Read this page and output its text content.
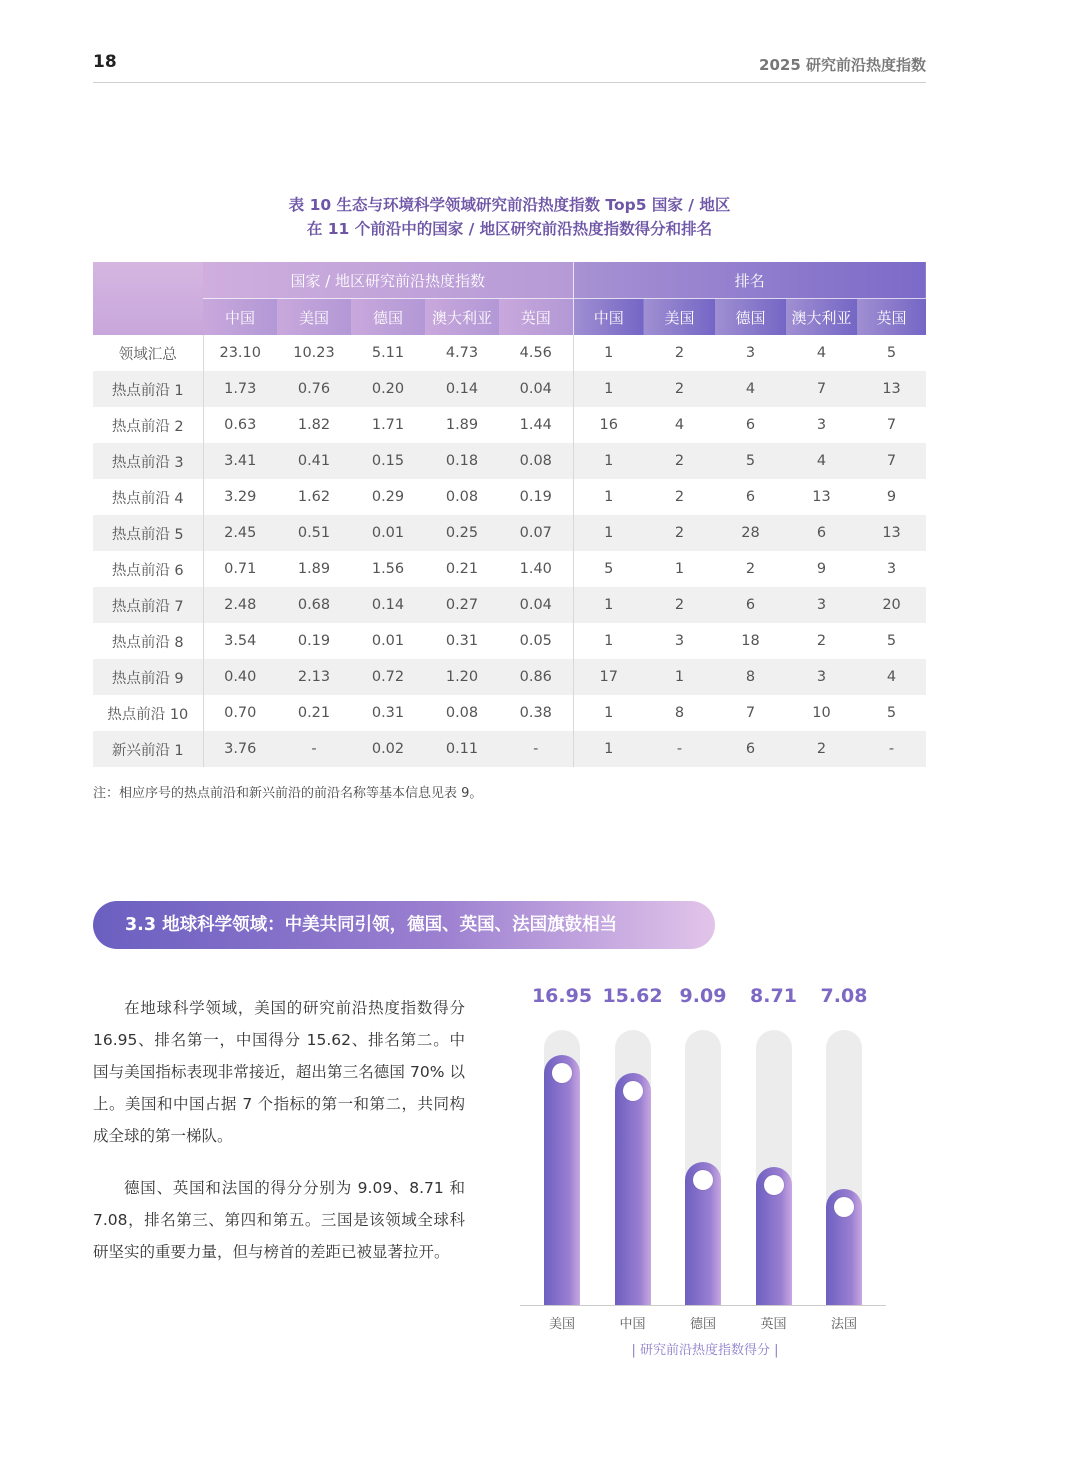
18	2025 研究前沿热度指数
表 10 生态与环境科学领域研究前沿热度指数 Top5 国家 / 地区
在 11 个前沿中的国家 / 地区研究前沿热度指数得分和排名
	国家 / 地区研究前沿热度指数					排名				
	中国	美国	德国	澳大利亚	英国	中国	美国	德国	澳大利亚	英国
领域汇总	23.10	10.23	5.11	4.73	4.56	1	2	3	4	5
热点前沿 1	1.73	0.76	0.20	0.14	0.04	1	2	4	7	13
热点前沿 2	0.63	1.82	1.71	1.89	1.44	16	4	6	3	7
热点前沿 3	3.41	0.41	0.15	0.18	0.08	1	2	5	4	7
热点前沿 4	3.29	1.62	0.29	0.08	0.19	1	2	6	13	9
热点前沿 5	2.45	0.51	0.01	0.25	0.07	1	2	28	6	13
热点前沿 6	0.71	1.89	1.56	0.21	1.40	5	1	2	9	3
热点前沿 7	2.48	0.68	0.14	0.27	0.04	1	2	6	3	20
热点前沿 8	3.54	0.19	0.01	0.31	0.05	1	3	18	2	5
热点前沿 9	0.40	2.13	0.72	1.20	0.86	17	1	8	3	4
热点前沿 10	0.70	0.21	0.31	0.08	0.38	1	8	7	10	5
新兴前沿 1	3.76	-	0.02	0.11	-	1	-	6	2	-
注：相应序号的热点前沿和新兴前沿的前沿名称等基本信息见表 9。
3.3 地球科学领域：中美共同引领，德国、英国、法国旗鼓相当

在地球科学领域，美国的研究前沿热度指数得分 16.95、排名第一，中国得分 15.62、排名第二。中国与美国指标表现非常接近，超出第三名德国 70% 以上。美国和中国占据 7 个指标的第一和第二，共同构成全球的第一梯队。

德国、英国和法国的得分分别为 9.09、8.71 和 7.08，排名第三、第四和第五。三国是该领域全球科研坚实的重要力量，但与榜首的差距已被显著拉开。

| 研究前沿热度指数得分 |
16.95
美国
15.62
中国
9.09
德国
8.71
英国
7.08
法国
